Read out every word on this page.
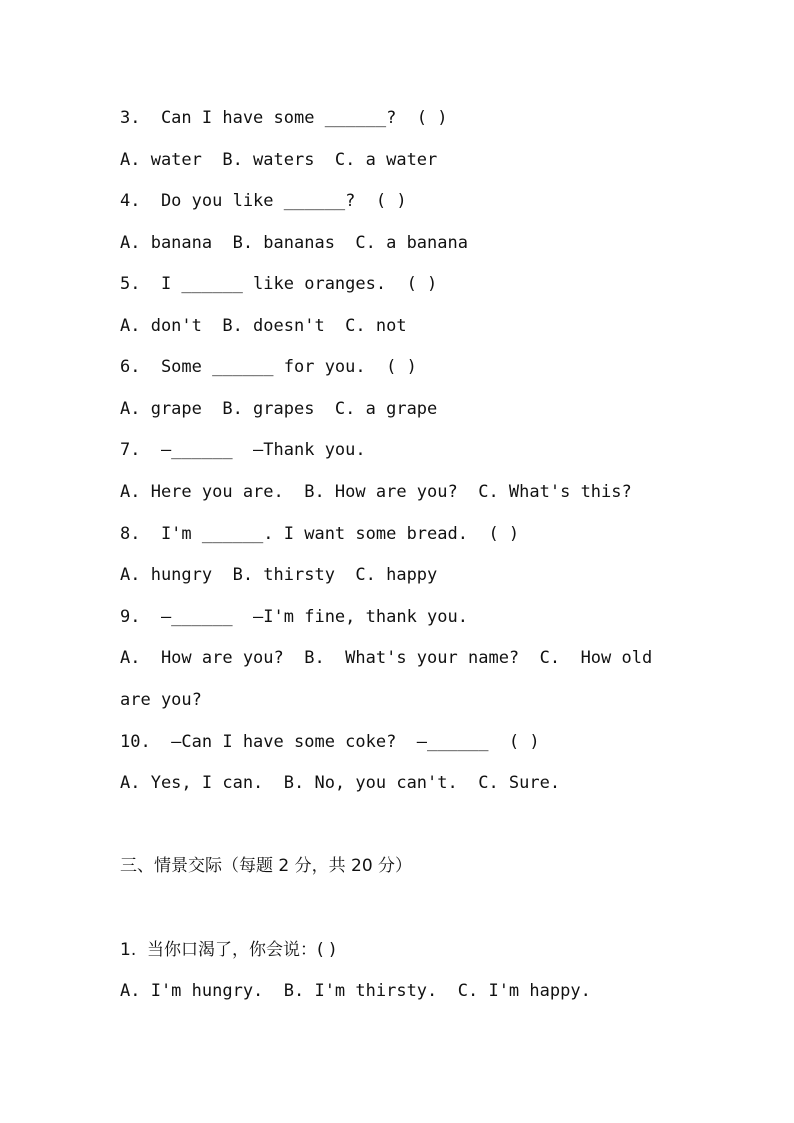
3.  Can I have some ______?  ( )
A. water  B. waters  C. a water
4.  Do you like ______?  ( )
A. banana  B. bananas  C. a banana
5.  I ______ like oranges.  ( )
A. don't  B. doesn't  C. not
6.  Some ______ for you.  ( )
A. grape  B. grapes  C. a grape
7.  —______  —Thank you.
A. Here you are.  B. How are you?  C. What's this?
8.  I'm ______. I want some bread.  ( )
A. hungry  B. thirsty  C. happy
9.  —______  —I'm fine, thank you.
A.  How are you?  B.  What's your name?  C.  How old
are you?
10.  —Can I have some coke?  —______  ( )
A. Yes, I can.  B. No, you can't.  C. Sure.
三、情景交际（每题 2 分，共 20 分）
1.  当你口渴了，你会说：( )
A. I'm hungry.  B. I'm thirsty.  C. I'm happy.
